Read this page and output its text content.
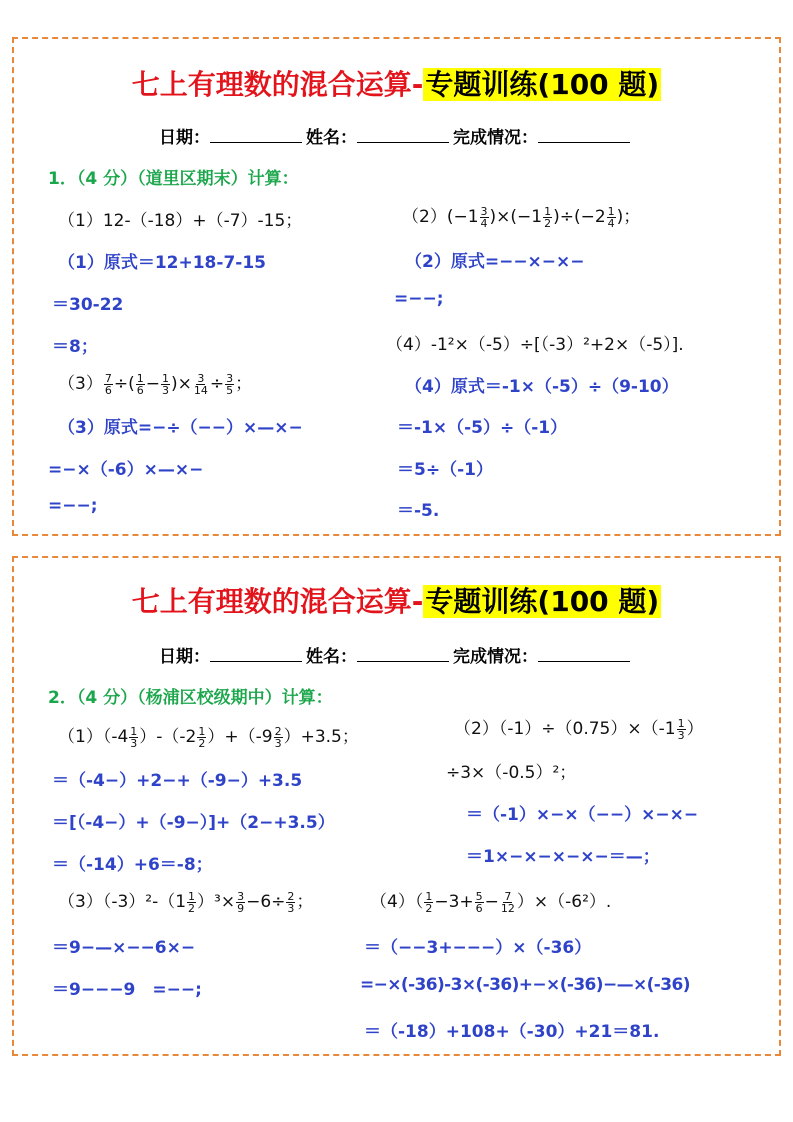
七上有理数的混合运算-专题训练(100 题)
日期：	姓名：	完成情况：
1．（4 分）（道里区期末）计算：
（1）12-（-18）+（-7）-15；	$(2)(-1 \frac{3}{4} )\times(-1 \frac{1}{2} )\div(-2 \frac{1}{4}$ )；
（1）原式＝12+18-7-15	（2）原式=−−×−×−
＝30-22	=−−;
＝8；	（4）-1²×（-5）÷[（-3）²+2×（-5）].
$(3) \frac{7}{6}$ ÷( $\frac{1}{6} - \frac{1}{3}$ )× $\frac{3}{14} \div \frac{3}{5}$ ；	（4）原式＝-1×（-5）÷（9-10）
（3）原式=−÷（−−）×—×−	＝-1×（-5）÷（-1）
=−×（-6）×—×−	＝5÷（-1）
=−−;	＝-5.
七上有理数的混合运算-专题训练(100 题)
日期：	姓名：	完成情况：
2．（4 分）（杨浦区校级期中）计算：
$(1)(-4 \frac{1}{3} )-(-2 \frac{1}{2} )+(-9 \frac{2}{3} )+3.5$；	$(2)(-1)\div(0.75)\times(-1 \frac{1}{3}$ ）
＝（-4−）+2−+（-9−）+3.5	÷3×（-0.5）²；
＝（-1）×−×（−−）×−×−
＝[（-4−）+（-9−）]+（2−+3.5）
＝1×−×−×−×−＝—；
＝（-14）+6＝-8；
$(3)(-3)^2-(1 \frac{1}{2} )^3\times \frac{3}{9} -6\div \frac{2}{3}$ ；	$(4)( \frac{1}{2} -3+ \frac{5}{6} - \frac{7}{12} )\times(-6^2)$.
＝9−—×−−6×−	＝（−−3+−−−）×（-36）
＝9−−−9　=−−;	=−×(-36)-3×(-36)+−×(-36)−—×(-36)
＝（-18）+108+（-30）+21＝81.
